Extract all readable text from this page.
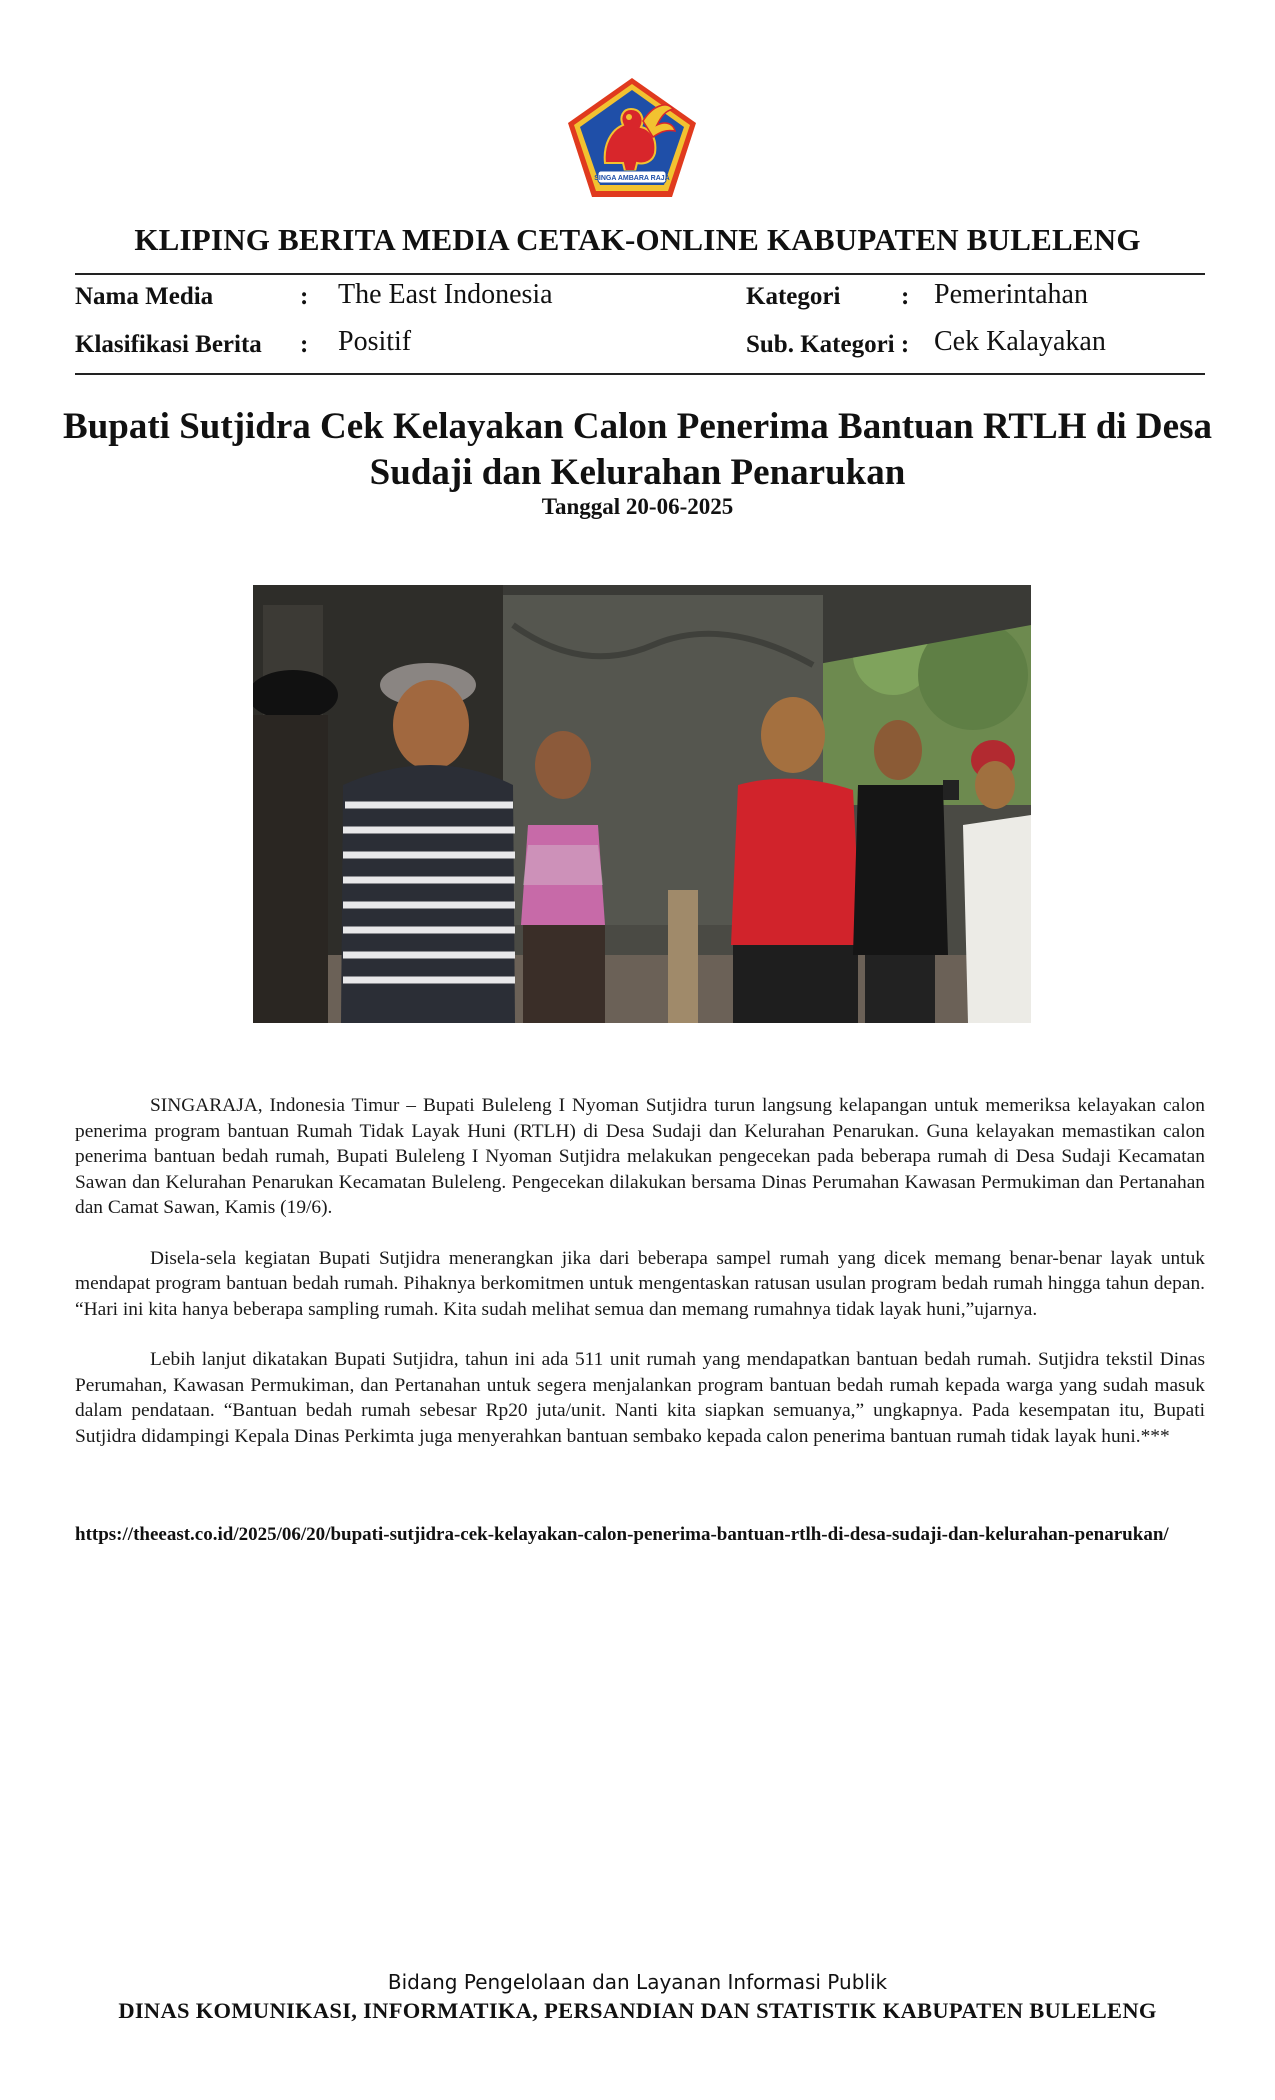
SINGA AMBARA RAJA
KLIPING BERITA MEDIA CETAK-ONLINE KABUPATEN BULELENG
Nama Media	: The East Indonesia	Kategori : Pemerintahan
Klasifikasi Berita : Positif	Sub. Kategori : Cek Kalayakan
Bupati Sutjidra Cek Kelayakan Calon Penerima Bantuan RTLH di Desa Sudaji dan Kelurahan Penarukan
Tanggal 20-06-2025

SINGARAJA, Indonesia Timur – Bupati Buleleng I Nyoman Sutjidra turun langsung kelapangan untuk memeriksa kelayakan calon penerima program bantuan Rumah Tidak Layak Huni (RTLH) di Desa Sudaji dan Kelurahan Penarukan. Guna kelayakan memastikan calon penerima bantuan bedah rumah, Bupati Buleleng I Nyoman Sutjidra melakukan pengecekan pada beberapa rumah di Desa Sudaji Kecamatan Sawan dan Kelurahan Penarukan Kecamatan Buleleng. Pengecekan dilakukan bersama Dinas Perumahan Kawasan Permukiman dan Pertanahan dan Camat Sawan, Kamis (19/6).

Disela-sela kegiatan Bupati Sutjidra menerangkan jika dari beberapa sampel rumah yang dicek memang benar-benar layak untuk mendapat program bantuan bedah rumah. Pihaknya berkomitmen untuk mengentaskan ratusan usulan program bedah rumah hingga tahun depan. “Hari ini kita hanya beberapa sampling rumah. Kita sudah melihat semua dan memang rumahnya tidak layak huni,”ujarnya.

Lebih lanjut dikatakan Bupati Sutjidra, tahun ini ada 511 unit rumah yang mendapatkan bantuan bedah rumah. Sutjidra tekstil Dinas Perumahan, Kawasan Permukiman, dan Pertanahan untuk segera menjalankan program bantuan bedah rumah kepada warga yang sudah masuk dalam pendataan. “Bantuan bedah rumah sebesar Rp20 juta/unit. Nanti kita siapkan semuanya,” ungkapnya. Pada kesempatan itu, Bupati Sutjidra didampingi Kepala Dinas Perkimta juga menyerahkan bantuan sembako kepada calon penerima bantuan rumah tidak layak huni.***

https://theeast.co.id/2025/06/20/bupati-sutjidra-cek-kelayakan-calon-penerima-bantuan-rtlh-di-desa-sudaji-dan-kelurahan-penarukan/
Bidang Pengelolaan dan Layanan Informasi Publik
DINAS KOMUNIKASI, INFORMATIKA, PERSANDIAN DAN STATISTIK KABUPATEN BULELENG
